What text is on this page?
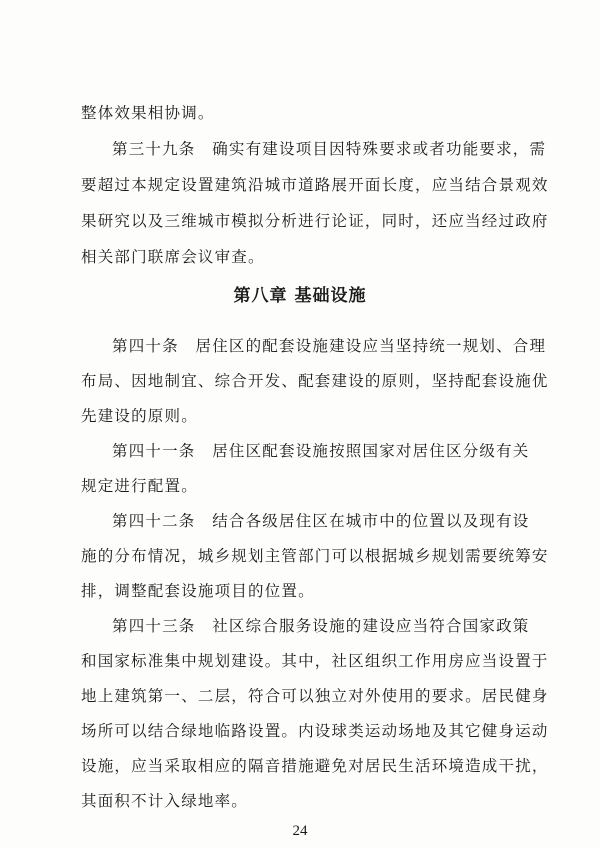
整体效果相协调。
第三十九条　确实有建设项目因特殊要求或者功能要求，需
要超过本规定设置建筑沿城市道路展开面长度，应当结合景观效
果研究以及三维城市模拟分析进行论证，同时，还应当经过政府
相关部门联席会议审查。
第八章 基础设施
第四十条　居住区的配套设施建设应当坚持统一规划、合理
布局、因地制宜、综合开发、配套建设的原则，坚持配套设施优
先建设的原则。
第四十一条　居住区配套设施按照国家对居住区分级有关
规定进行配置。
第四十二条　结合各级居住区在城市中的位置以及现有设
施的分布情况，城乡规划主管部门可以根据城乡规划需要统筹安
排，调整配套设施项目的位置。
第四十三条　社区综合服务设施的建设应当符合国家政策
和国家标准集中规划建设。其中，社区组织工作用房应当设置于
地上建筑第一、二层，符合可以独立对外使用的要求。居民健身
场所可以结合绿地临路设置。内设球类运动场地及其它健身运动
设施，应当采取相应的隔音措施避免对居民生活环境造成干扰，
其面积不计入绿地率。
24
